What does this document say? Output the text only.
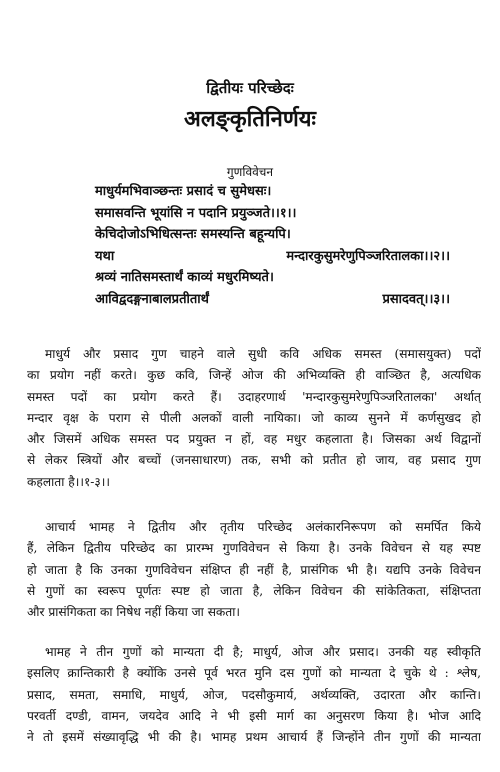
द्वितीयः परिच्छेदः
अलङ्कृतिनिर्णयः
गुणविवेचन
माधुर्यमभिवाञ्छन्तः प्रसादं च सुमेधसः।
समासवन्ति भूयांसि न पदानि प्रयुञ्जते।।१।।
केचिदोजोऽभिधित्सन्तः समस्यन्ति बहून्यपि।
यथा	मन्दारकुसुमरेणुपिञ्जरितालका।।२।।
श्रव्यं नातिसमस्तार्थं काव्यं मधुरमिष्यते।
आविद्वदङ्गनाबालप्रतीतार्थं	प्रसादवत्।।३।।
माधुर्य और प्रसाद गुण चाहने वाले सुधी कवि अधिक समस्त (समासयुक्त) पदों
का प्रयोग नहीं करते। कुछ कवि, जिन्हें ओज की अभिव्यक्ति ही वाञ्छित है, अत्यधिक
समस्त पदों का प्रयोग करते हैं। उदाहरणार्थ 'मन्दारकुसुमरेणुपिञ्जरितालका' अर्थात्
मन्दार वृक्ष के पराग से पीली अलकों वाली नायिका। जो काव्य सुनने में कर्णसुखद हो
और जिसमें अधिक समस्त पद प्रयुक्त न हों, वह मधुर कहलाता है। जिसका अर्थ विद्वानों
से लेकर स्त्रियों और बच्चों (जनसाधारण) तक, सभी को प्रतीत हो जाय, वह प्रसाद गुण
कहलाता है।।१-३।।
आचार्य भामह ने द्वितीय और तृतीय परिच्छेद अलंकारनिरूपण को समर्पित किये
हैं, लेकिन द्वितीय परिच्छेद का प्रारम्भ गुणविवेचन से किया है। उनके विवेचन से यह स्पष्ट
हो जाता है कि उनका गुणविवेचन संक्षिप्त ही नहीं है, प्रासंगिक भी है। यद्यपि उनके विवेचन
से गुणों का स्वरूप पूर्णतः स्पष्ट हो जाता है, लेकिन विवेचन की सांकेतिकता, संक्षिप्तता
और प्रासंगिकता का निषेध नहीं किया जा सकता।
भामह ने तीन गुणों को मान्यता दी है; माधुर्य, ओज और प्रसाद। उनकी यह स्वीकृति
इसलिए क्रान्तिकारी है क्योंकि उनसे पूर्व भरत मुनि दस गुणों को मान्यता दे चुके थे : श्लेष,
प्रसाद, समता, समाधि, माधुर्य, ओज, पदसौकुमार्य, अर्थव्यक्ति, उदारता और कान्ति।
परवर्ती दण्डी, वामन, जयदेव आदि ने भी इसी मार्ग का अनुसरण किया है। भोज आदि
ने तो इसमें संख्यावृद्धि भी की है। भामह प्रथम आचार्य हैं जिन्होंने तीन गुणों की मान्यता
